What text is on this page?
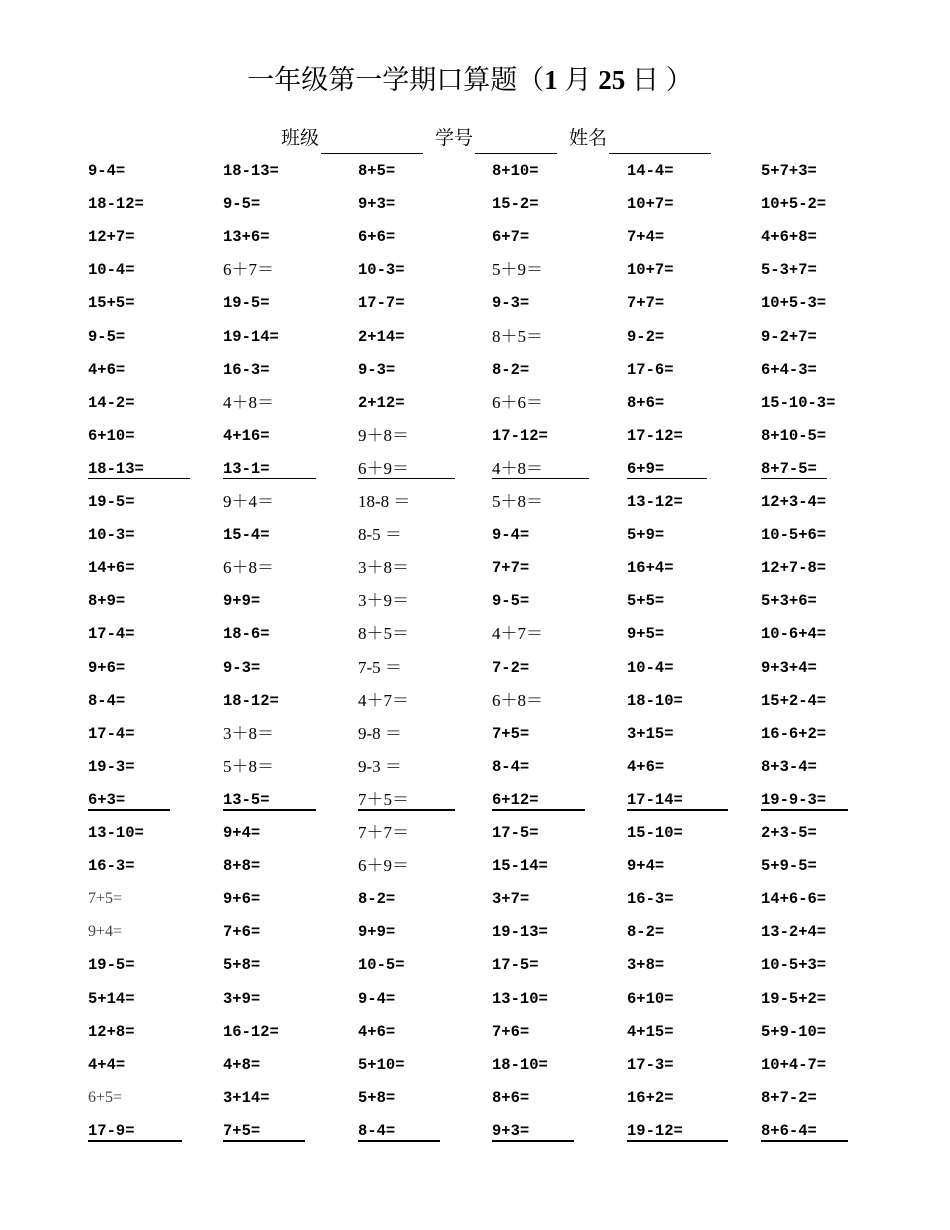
一年级第一学期口算题（1 月 25 日 ）
班级	学号	姓名
9-4=	18-13=	8+5=	8+10=	14-4=	5+7+3=
18-12=	9-5=	9+3=	15-2=	10+7=	10+5-2=
12+7=	13+6=	6+6=	6+7=	7+4=	4+6+8=
10-4=	6＋7＝	10-3=	5＋9＝	10+7=	5-3+7=
15+5=	19-5=	17-7=	9-3=	7+7=	10+5-3=
9-5=	19-14=	2+14=	8＋5＝	9-2=	9-2+7=
4+6=	16-3=	9-3=	8-2=	17-6=	6+4-3=
14-2=	4＋8＝	2+12=	6＋6＝	8+6=	15-10-3=
6+10=	4+16=	9＋8＝	17-12=	17-12=	8+10-5=
18-13=	13-1=	6＋9＝	4＋8＝	6+9=	8+7-5=
19-5=	9＋4＝	18-8 ＝	5＋8＝	13-12=	12+3-4=
10-3=	15-4=	8-5 ＝	9-4=	5+9=	10-5+6=
14+6=	6＋8＝	3＋8＝	7+7=	16+4=	12+7-8=
8+9=	9+9=	3＋9＝	9-5=	5+5=	5+3+6=
17-4=	18-6=	8＋5＝	4＋7＝	9+5=	10-6+4=
9+6=	9-3=	7-5 ＝	7-2=	10-4=	9+3+4=
8-4=	18-12=	4＋7＝	6＋8＝	18-10=	15+2-4=
17-4=	3＋8＝	9-8 ＝	7+5=	3+15=	16-6+2=
19-3=	5＋8＝	9-3 ＝	8-4=	4+6=	8+3-4=
6+3=	13-5=	7＋5＝	6+12=	17-14=	19-9-3=
13-10=	9+4=	7＋7＝	17-5=	15-10=	2+3-5=
16-3=	8+8=	6＋9＝	15-14=	9+4=	5+9-5=
7+5=	9+6=	8-2=	3+7=	16-3=	14+6-6=
9+4=	7+6=	9+9=	19-13=	8-2=	13-2+4=
19-5=	5+8=	10-5=	17-5=	3+8=	10-5+3=
5+14=	3+9=	9-4=	13-10=	6+10=	19-5+2=
12+8=	16-12=	4+6=	7+6=	4+15=	5+9-10=
4+4=	4+8=	5+10=	18-10=	17-3=	10+4-7=
6+5=	3+14=	5+8=	8+6=	16+2=	8+7-2=
17-9=	7+5=	8-4=	9+3=	19-12=	8+6-4=
